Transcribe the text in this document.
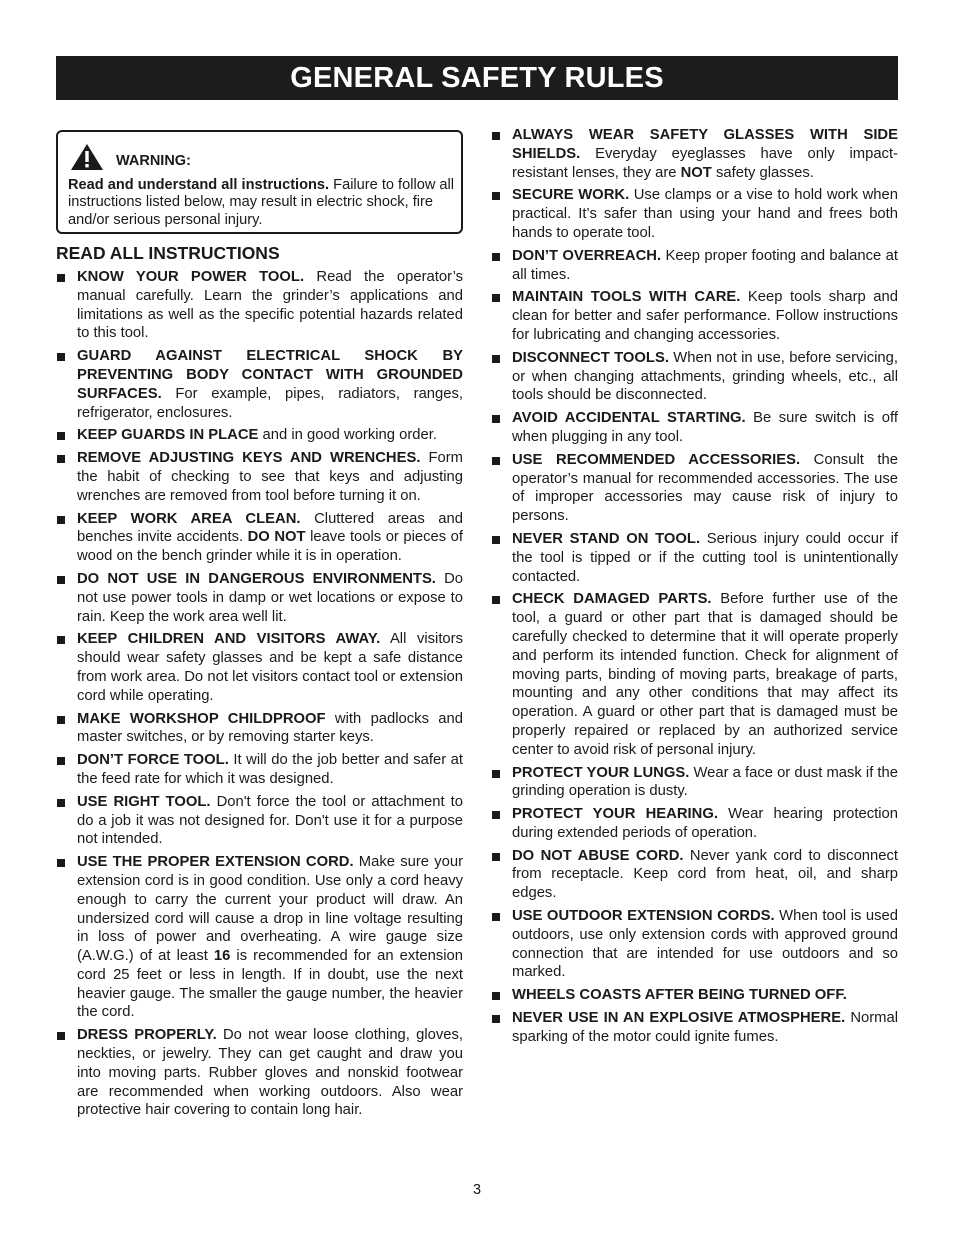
GENERAL SAFETY RULES
WARNING:
Read and understand all instructions. Failure to follow all instructions listed below, may result in electric shock, fire and/or serious personal injury.
READ ALL INSTRUCTIONS
KNOW YOUR POWER TOOL. Read the operator’s manual carefully. Learn the grinder’s applications and limitations as well as the specific potential hazards related to this tool.
GUARD AGAINST ELECTRICAL SHOCK BY PREVENTING BODY CONTACT WITH GROUNDED SURFACES. For example, pipes, radiators, ranges, refrigerator, enclosures.
KEEP GUARDS IN PLACE and in good working order.
REMOVE ADJUSTING KEYS AND WRENCHES. Form the habit of checking to see that keys and adjusting wrenches are removed from tool before turning it on.
KEEP WORK AREA CLEAN. Cluttered areas and benches invite accidents. DO NOT leave tools or pieces of wood on the bench grinder while it is in operation.
DO NOT USE IN DANGEROUS ENVIRONMENTS. Do not use power tools in damp or wet locations or expose to rain. Keep the work area well lit.
KEEP CHILDREN AND VISITORS AWAY. All visitors should wear safety glasses and be kept a safe distance from work area. Do not let visitors contact tool or extension cord while operating.
MAKE WORKSHOP CHILDPROOF with padlocks and master switches, or by removing starter keys.
DON’T FORCE TOOL. It will do the job better and safer at the feed rate for which it was designed.
USE RIGHT TOOL. Don't force the tool or attachment to do a job it was not designed for. Don't use it for a purpose not intended.
USE THE PROPER EXTENSION CORD. Make sure your extension cord is in good condition. Use only a cord heavy enough to carry the current your product will draw. An undersized cord will cause a drop in line voltage resulting in loss of power and overheating. A wire gauge size (A.W.G.) of at least 16 is recommended for an extension cord 25 feet or less in length. If in doubt, use the next heavier gauge. The smaller the gauge number, the heavier the cord.
DRESS PROPERLY. Do not wear loose clothing, gloves, neckties, or jewelry. They can get caught and draw you into moving parts. Rubber gloves and nonskid footwear are recommended when working outdoors. Also wear protective hair covering to contain long hair.
ALWAYS WEAR SAFETY GLASSES WITH SIDE SHIELDS. Everyday eyeglasses have only impact-resistant lenses, they are NOT safety glasses.
SECURE WORK. Use clamps or a vise to hold work when practical. It’s safer than using your hand and frees both hands to operate tool.
DON’T OVERREACH. Keep proper footing and balance at all times.
MAINTAIN TOOLS WITH CARE. Keep tools sharp and clean for better and safer performance. Follow instructions for lubricating and changing accessories.
DISCONNECT TOOLS. When not in use, before servicing, or when changing attachments, grinding wheels, etc., all tools should be disconnected.
AVOID ACCIDENTAL STARTING. Be sure switch is off when plugging in any tool.
USE RECOMMENDED ACCESSORIES. Consult the operator’s manual for recommended accessories. The use of improper accessories may cause risk of injury to persons.
NEVER STAND ON TOOL. Serious injury could occur if the tool is tipped or if the cutting tool is unintentionally contacted.
CHECK DAMAGED PARTS. Before further use of the tool, a guard or other part that is damaged should be carefully checked to determine that it will operate properly and perform its intended function. Check for alignment of moving parts, binding of moving parts, breakage of parts, mounting and any other conditions that may affect its operation. A guard or other part that is damaged must be properly repaired or replaced by an authorized service center to avoid risk of personal injury.
PROTECT YOUR LUNGS. Wear a face or dust mask if the grinding operation is dusty.
PROTECT YOUR HEARING. Wear hearing protection during extended periods of operation.
DO NOT ABUSE CORD. Never yank cord to disconnect from receptacle. Keep cord from heat, oil, and sharp edges.
USE OUTDOOR EXTENSION CORDS. When tool is used outdoors, use only extension cords with approved ground connection that are intended for use outdoors and so marked.
WHEELS COASTS AFTER BEING TURNED OFF.
NEVER USE IN AN EXPLOSIVE ATMOSPHERE. Normal sparking of the motor could ignite fumes.
3
